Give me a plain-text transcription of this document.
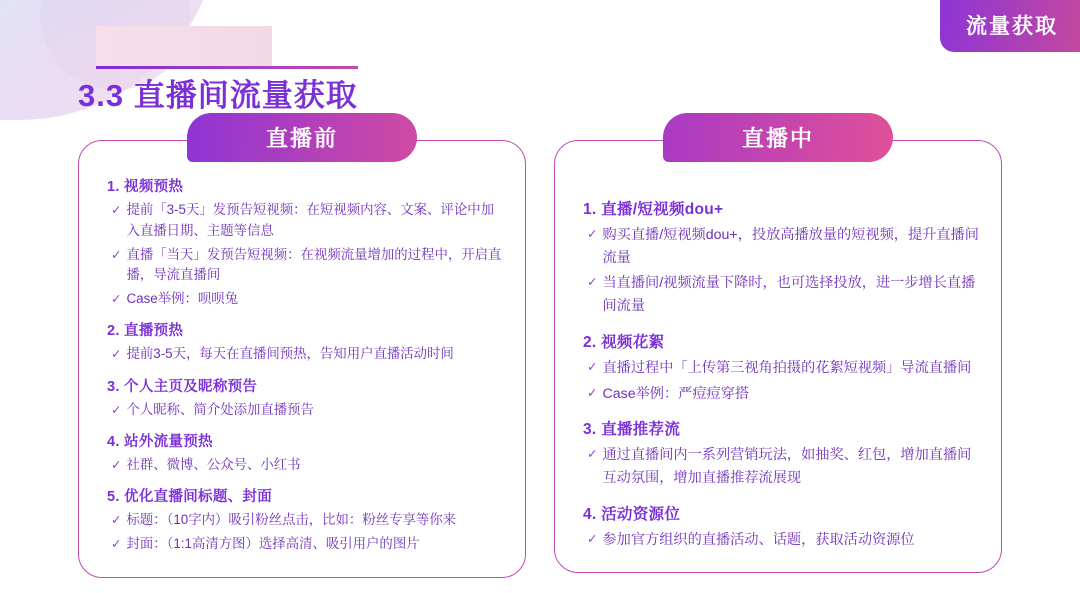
流量获取
3.3 直播间流量获取
直播前
1. 视频预热
✓ 提前「3-5天」发预告短视频：在短视频内容、文案、评论中加入直播日期、主题等信息
✓ 直播「当天」发预告短视频：在视频流量增加的过程中，开启直播，导流直播间
✓ Case举例：呗呗兔
2. 直播预热
✓ 提前3-5天，每天在直播间预热，告知用户直播活动时间
3. 个人主页及昵称预告
✓ 个人昵称、简介处添加直播预告
4. 站外流量预热
✓ 社群、微博、公众号、小红书
5. 优化直播间标题、封面
✓ 标题：（10字内）吸引粉丝点击，比如：粉丝专享等你来
✓ 封面：（1:1高清方图）选择高清、吸引用户的图片
直播中
1. 直播/短视频dou+
✓ 购买直播/短视频dou+，投放高播放量的短视频，提升直播间流量
✓ 当直播间/视频流量下降时，也可选择投放，进一步增长直播间流量
2. 视频花絮
✓ 直播过程中「上传第三视角拍摄的花絮短视频」导流直播间
✓ Case举例：严痘痘穿搭
3. 直播推荐流
✓ 通过直播间内一系列营销玩法，如抽奖、红包，增加直播间互动氛围，增加直播推荐流展现
4. 活动资源位
✓ 参加官方组织的直播活动、话题，获取活动资源位
